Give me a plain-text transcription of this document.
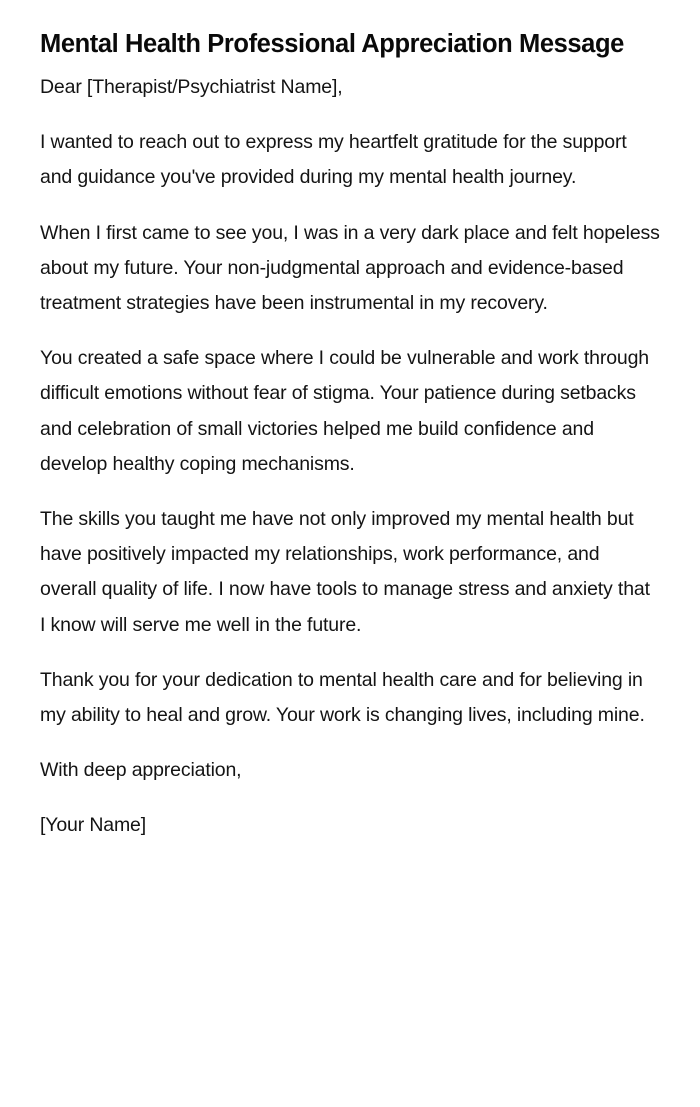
Mental Health Professional Appreciation Message

Dear [Therapist/Psychiatrist Name],

I wanted to reach out to express my heartfelt gratitude for the support and guidance you've provided during my mental health journey.

When I first came to see you, I was in a very dark place and felt hopeless about my future. Your non-judgmental approach and evidence-based treatment strategies have been instrumental in my recovery.

You created a safe space where I could be vulnerable and work through difficult emotions without fear of stigma. Your patience during setbacks and celebration of small victories helped me build confidence and develop healthy coping mechanisms.

The skills you taught me have not only improved my mental health but have positively impacted my relationships, work performance, and overall quality of life. I now have tools to manage stress and anxiety that I know will serve me well in the future.

Thank you for your dedication to mental health care and for believing in my ability to heal and grow. Your work is changing lives, including mine.

With deep appreciation,

[Your Name]
